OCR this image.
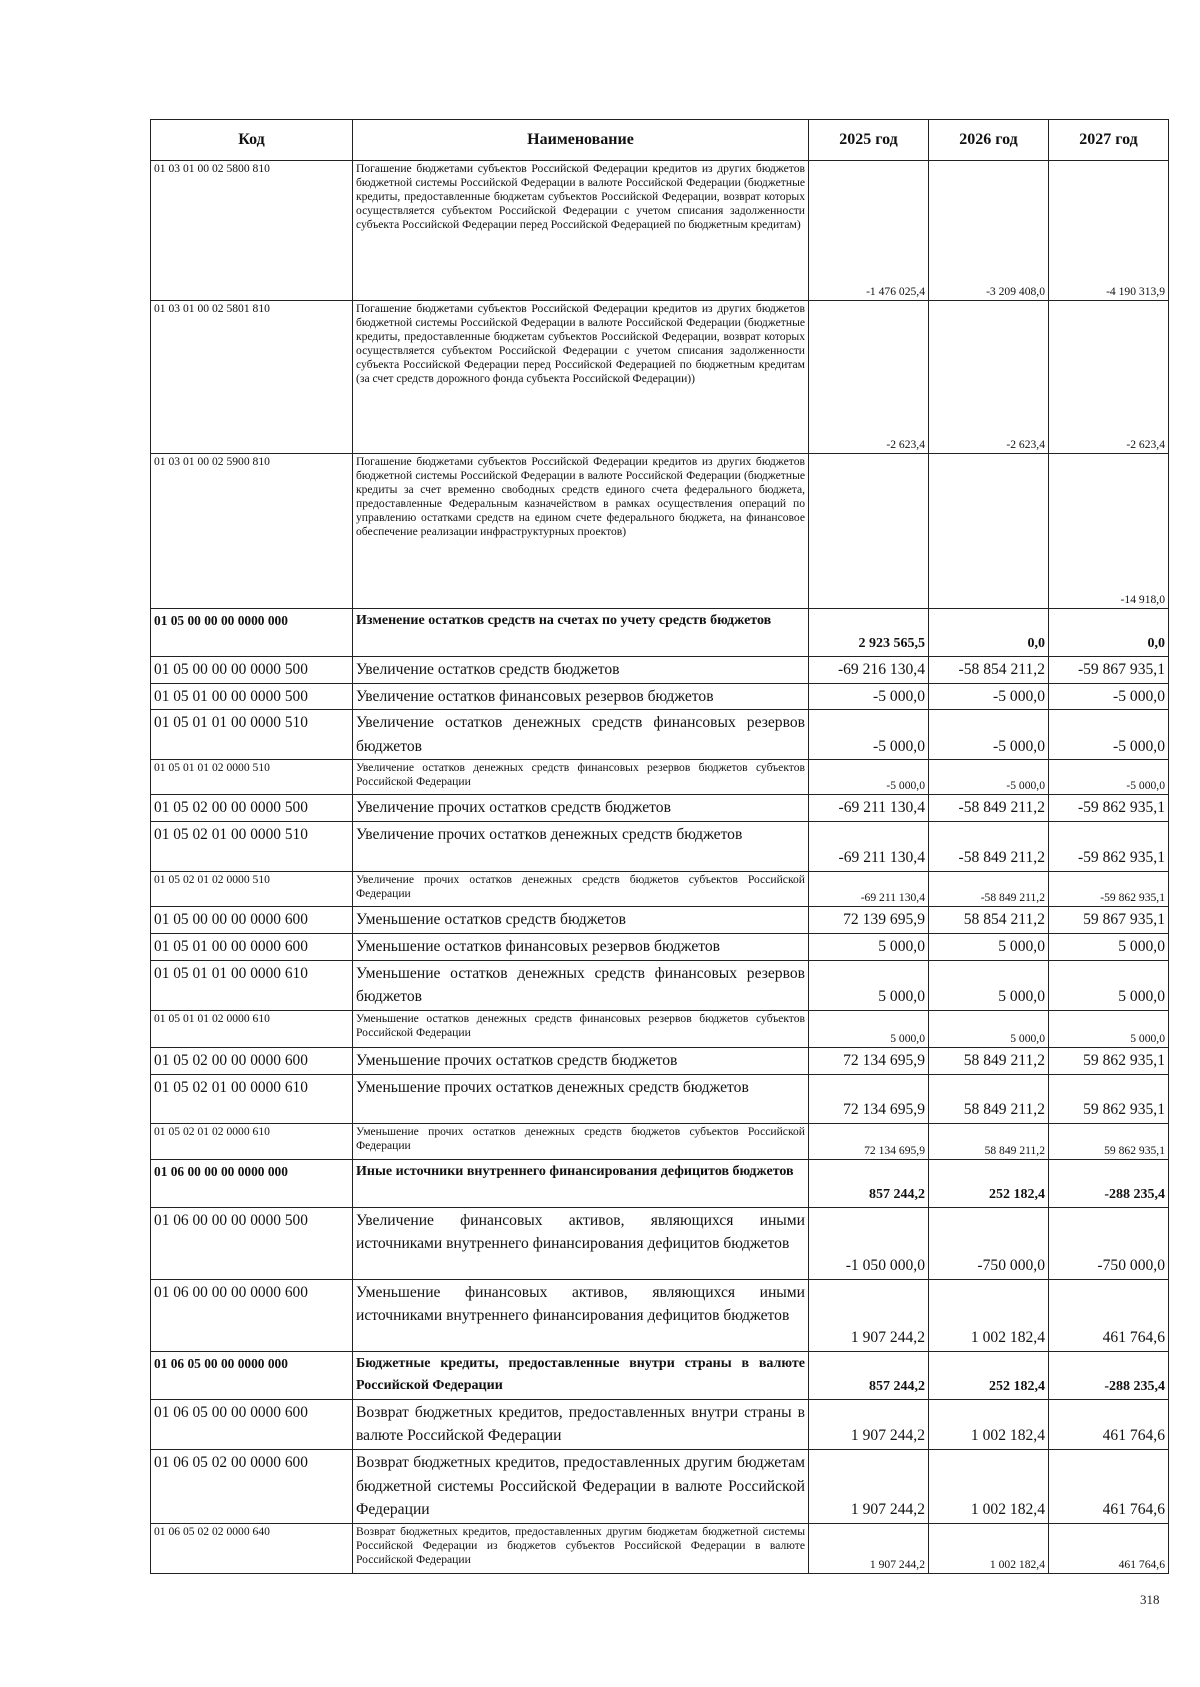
Код	Наименование	2025 год	2026 год	2027 год
01 03 01 00 02 5800 810	Погашение бюджетами субъектов Российской Федерации кредитов из других бюджетов бюджетной системы Российской Федерации в валюте Российской Федерации (бюджетные кредиты, предоставленные бюджетам субъектов Российской Федерации, возврат которых осуществляется субъектом Российской Федерации с учетом списания задолженности субъекта Российской Федерации перед Российской Федерацией по бюджетным кредитам)	-1 476 025,4	-3 209 408,0	-4 190 313,9
01 03 01 00 02 5801 810	Погашение бюджетами субъектов Российской Федерации кредитов из других бюджетов бюджетной системы Российской Федерации в валюте Российской Федерации (бюджетные кредиты, предоставленные бюджетам субъектов Российской Федерации, возврат которых осуществляется субъектом Российской Федерации с учетом списания задолженности субъекта Российской Федерации перед Российской Федерацией по бюджетным кредитам (за счет средств дорожного фонда субъекта Российской Федерации))	-2 623,4	-2 623,4	-2 623,4
01 03 01 00 02 5900 810	Погашение бюджетами субъектов Российской Федерации кредитов из других бюджетов бюджетной системы Российской Федерации в валюте Российской Федерации (бюджетные кредиты за счет временно свободных средств единого счета федерального бюджета, предоставленные Федеральным казначейством в рамках осуществления операций по управлению остатками средств на едином счете федерального бюджета, на финансовое обеспечение реализации инфраструктурных проектов)			-14 918,0
01 05 00 00 00 0000 000	Изменение остатков средств на счетах по учету средств бюджетов	2 923 565,5	0,0	0,0
01 05 00 00 00 0000 500	Увеличение остатков средств бюджетов	-69 216 130,4	-58 854 211,2	-59 867 935,1
01 05 01 00 00 0000 500	Увеличение остатков финансовых резервов бюджетов	-5 000,0	-5 000,0	-5 000,0
01 05 01 01 00 0000 510	Увеличение остатков денежных средств финансовых резервов бюджетов	-5 000,0	-5 000,0	-5 000,0
01 05 01 01 02 0000 510	Увеличение остатков денежных средств финансовых резервов бюджетов субъектов Российской Федерации	-5 000,0	-5 000,0	-5 000,0
01 05 02 00 00 0000 500	Увеличение прочих остатков средств бюджетов	-69 211 130,4	-58 849 211,2	-59 862 935,1
01 05 02 01 00 0000 510	Увеличение прочих остатков денежных средств бюджетов	-69 211 130,4	-58 849 211,2	-59 862 935,1
01 05 02 01 02 0000 510	Увеличение прочих остатков денежных средств бюджетов субъектов Российской Федерации	-69 211 130,4	-58 849 211,2	-59 862 935,1
01 05 00 00 00 0000 600	Уменьшение остатков средств бюджетов	72 139 695,9	58 854 211,2	59 867 935,1
01 05 01 00 00 0000 600	Уменьшение остатков финансовых резервов бюджетов	5 000,0	5 000,0	5 000,0
01 05 01 01 00 0000 610	Уменьшение остатков денежных средств финансовых резервов бюджетов	5 000,0	5 000,0	5 000,0
01 05 01 01 02 0000 610	Уменьшение остатков денежных средств финансовых резервов бюджетов субъектов Российской Федерации	5 000,0	5 000,0	5 000,0
01 05 02 00 00 0000 600	Уменьшение прочих остатков средств бюджетов	72 134 695,9	58 849 211,2	59 862 935,1
01 05 02 01 00 0000 610	Уменьшение прочих остатков денежных средств бюджетов	72 134 695,9	58 849 211,2	59 862 935,1
01 05 02 01 02 0000 610	Уменьшение прочих остатков денежных средств бюджетов субъектов Российской Федерации	72 134 695,9	58 849 211,2	59 862 935,1
01 06 00 00 00 0000 000	Иные источники внутреннего финансирования дефицитов бюджетов	857 244,2	252 182,4	-288 235,4
01 06 00 00 00 0000 500	Увеличение финансовых активов, являющихся иными источниками внутреннего финансирования дефицитов бюджетов	-1 050 000,0	-750 000,0	-750 000,0
01 06 00 00 00 0000 600	Уменьшение финансовых активов, являющихся иными источниками внутреннего финансирования дефицитов бюджетов	1 907 244,2	1 002 182,4	461 764,6
01 06 05 00 00 0000 000	Бюджетные кредиты, предоставленные внутри страны в валюте Российской Федерации	857 244,2	252 182,4	-288 235,4
01 06 05 00 00 0000 600	Возврат бюджетных кредитов, предоставленных внутри страны в валюте Российской Федерации	1 907 244,2	1 002 182,4	461 764,6
01 06 05 02 00 0000 600	Возврат бюджетных кредитов, предоставленных другим бюджетам бюджетной системы Российской Федерации в валюте Российской Федерации	1 907 244,2	1 002 182,4	461 764,6
01 06 05 02 02 0000 640	Возврат бюджетных кредитов, предоставленных другим бюджетам бюджетной системы Российской Федерации из бюджетов субъектов Российской Федерации в валюте Российской Федерации	1 907 244,2	1 002 182,4	461 764,6
318
